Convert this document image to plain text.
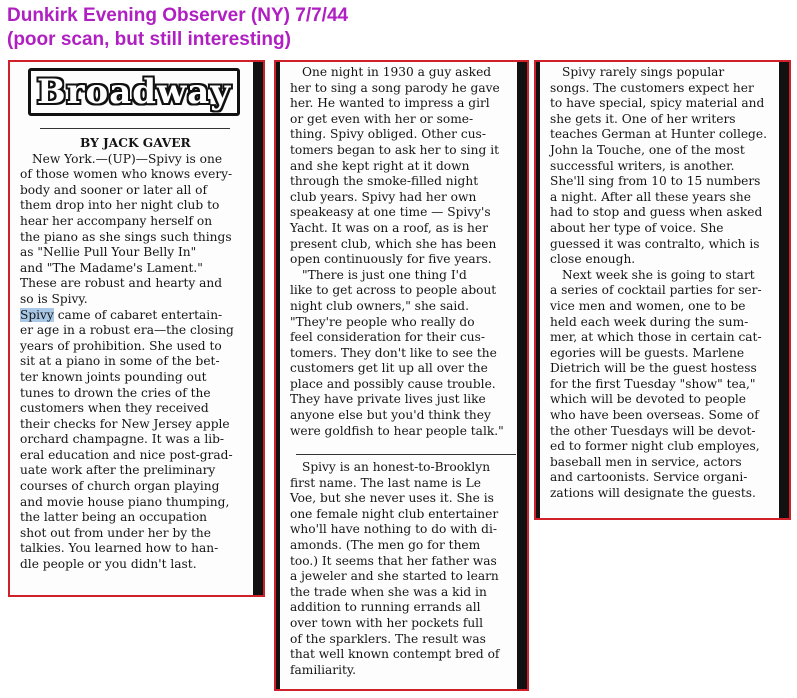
Dunkirk Evening Observer (NY) 7/7/44
(poor scan, but still interesting)
Broadway
BY JACK GAVER
New York.—(UP)—Spivy is one
of those women who knows every-
body and sooner or later all of
them drop into her night club to
hear her accompany herself on
the piano as she sings such things
as "Nellie Pull Your Belly In"
and "The Madame's Lament."
These are robust and hearty and
so is Spivy.
Spivy came of cabaret entertain-
er age in a robust era—the closing
years of prohibition. She used to
sit at a piano in some of the bet-
ter known joints pounding out
tunes to drown the cries of the
customers when they received
their checks for New Jersey apple
orchard champagne. It was a lib-
eral education and nice post-grad-
uate work after the preliminary
courses of church organ playing
and movie house piano thumping,
the latter being an occupation
shot out from under her by the
talkies. You learned how to han-
dle people or you didn't last.
One night in 1930 a guy asked
her to sing a song parody he gave
her. He wanted to impress a girl
or get even with her or some-
thing. Spivy obliged. Other cus-
tomers began to ask her to sing it
and she kept right at it down
through the smoke-filled night
club years. Spivy had her own
speakeasy at one time — Spivy's
Yacht. It was on a roof, as is her
present club, which she has been
open continuously for five years.
"There is just one thing I'd
like to get across to people about
night club owners," she said.
"They're people who really do
feel consideration for their cus-
tomers. They don't like to see the
customers get lit up all over the
place and possibly cause trouble.
They have private lives just like
anyone else but you'd think they
were goldfish to hear people talk."
Spivy is an honest-to-Brooklyn
first name. The last name is Le
Voe, but she never uses it. She is
one female night club entertainer
who'll have nothing to do with di-
amonds. (The men go for them
too.) It seems that her father was
a jeweler and she started to learn
the trade when she was a kid in
addition to running errands all
over town with her pockets full
of the sparklers. The result was
that well known contempt bred of
familiarity.
Spivy rarely sings popular
songs. The customers expect her
to have special, spicy material and
she gets it. One of her writers
teaches German at Hunter college.
John la Touche, one of the most
successful writers, is another.
She'll sing from 10 to 15 numbers
a night. After all these years she
had to stop and guess when asked
about her type of voice. She
guessed it was contralto, which is
close enough.
Next week she is going to start
a series of cocktail parties for ser-
vice men and women, one to be
held each week during the sum-
mer, at which those in certain cat-
egories will be guests. Marlene
Dietrich will be the guest hostess
for the first Tuesday "show" tea,"
which will be devoted to people
who have been overseas. Some of
the other Tuesdays will be devot-
ed to former night club employes,
baseball men in service, actors
and cartoonists. Service organi-
zations will designate the guests.
